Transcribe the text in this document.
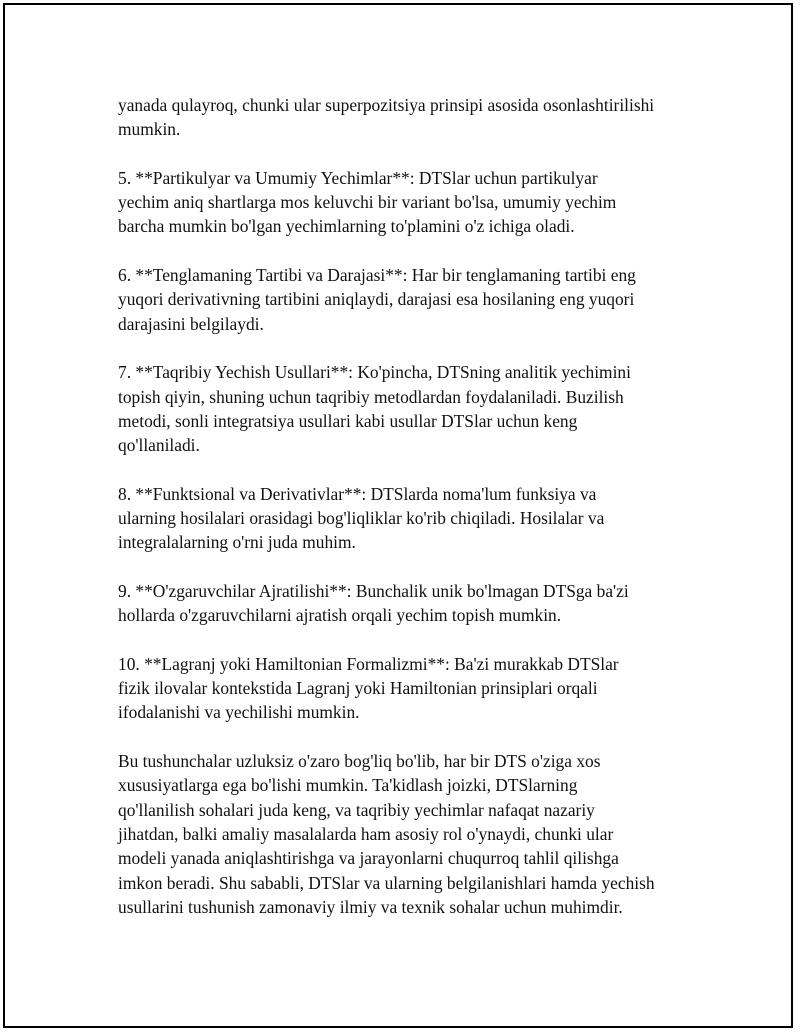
yanada qulayroq, chunki ular superpozitsiya prinsipi asosida osonlashtirilishi
mumkin.
5. **Partikulyar va Umumiy Yechimlar**: DTSlar uchun partikulyar
yechim aniq shartlarga mos keluvchi bir variant bo'lsa, umumiy yechim
barcha mumkin bo'lgan yechimlarning to'plamini o'z ichiga oladi.
6. **Tenglamaning Tartibi va Darajasi**: Har bir tenglamaning tartibi eng
yuqori derivativning tartibini aniqlaydi, darajasi esa hosilaning eng yuqori
darajasini belgilaydi.
7. **Taqribiy Yechish Usullari**: Ko'pincha, DTSning analitik yechimini
topish qiyin, shuning uchun taqribiy metodlardan foydalaniladi. Buzilish
metodi, sonli integratsiya usullari kabi usullar DTSlar uchun keng
qo'llaniladi.
8. **Funktsional va Derivativlar**: DTSlarda noma'lum funksiya va
ularning hosilalari orasidagi bog'liqliklar ko'rib chiqiladi. Hosilalar va
integralalarning o'rni juda muhim.
9. **O'zgaruvchilar Ajratilishi**: Bunchalik unik bo'lmagan DTSga ba'zi
hollarda o'zgaruvchilarni ajratish orqali yechim topish mumkin.
10. **Lagranj yoki Hamiltonian Formalizmi**: Ba'zi murakkab DTSlar
fizik ilovalar kontekstida Lagranj yoki Hamiltonian prinsiplari orqali
ifodalanishi va yechilishi mumkin.
Bu tushunchalar uzluksiz o'zaro bog'liq bo'lib, har bir DTS o'ziga xos
xususiyatlarga ega bo'lishi mumkin. Ta'kidlash joizki, DTSlarning
qo'llanilish sohalari juda keng, va taqribiy yechimlar nafaqat nazariy
jihatdan, balki amaliy masalalarda ham asosiy rol o'ynaydi, chunki ular
modeli yanada aniqlashtirishga va jarayonlarni chuqurroq tahlil qilishga
imkon beradi. Shu sababli, DTSlar va ularning belgilanishlari hamda yechish
usullarini tushunish zamonaviy ilmiy va texnik sohalar uchun muhimdir.
